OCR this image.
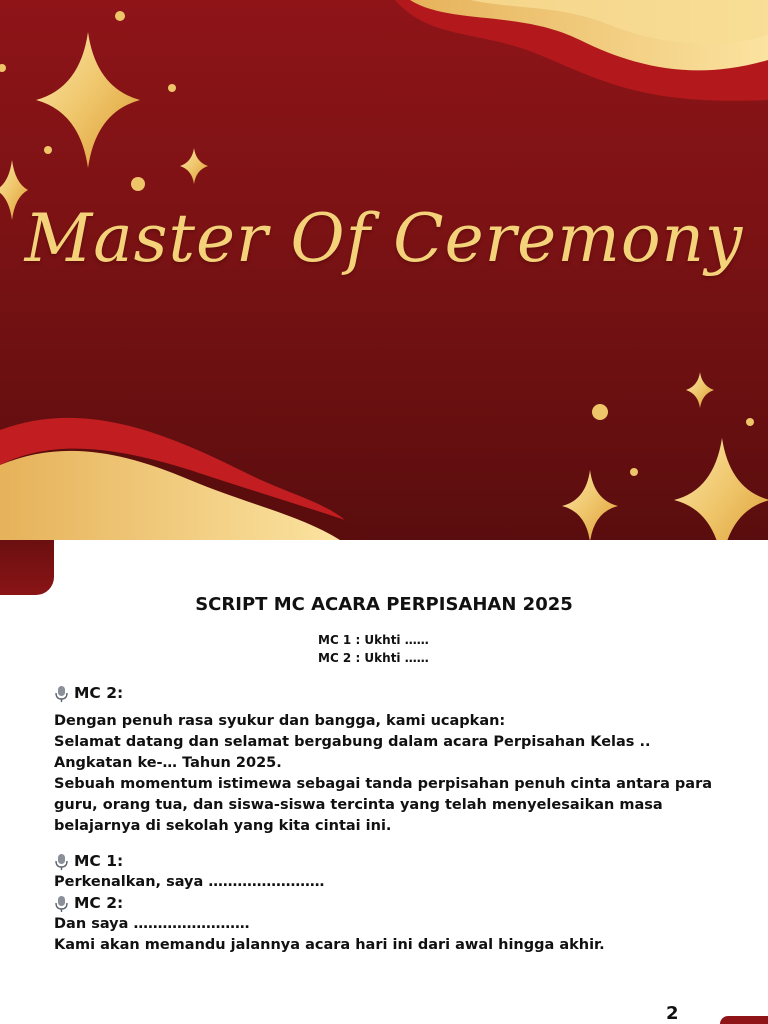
Master Of Ceremony
SCRIPT MC ACARA PERPISAHAN 2025
MC 1 : Ukhti ……
MC 2 : Ukhti ……
MC 2:

Dengan penuh rasa syukur dan bangga, kami ucapkan:

Selamat datang dan selamat bergabung dalam acara Perpisahan Kelas .. Angkatan ke-… Tahun 2025.

Sebuah momentum istimewa sebagai tanda perpisahan penuh cinta antara para guru, orang tua, dan siswa-siswa tercinta yang telah menyelesaikan masa belajarnya di sekolah yang kita cintai ini.

MC 1:

Perkenalkan, saya ……………………

MC 2:

Dan saya ……………………

Kami akan memandu jalannya acara hari ini dari awal hingga akhir.

2
